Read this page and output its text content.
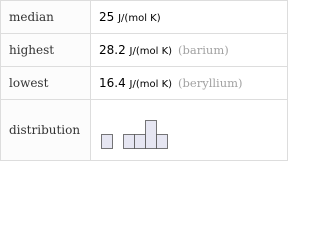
median	25 J/(mol K)
highest	28.2 J/(mol K) (barium)
lowest	16.4 J/(mol K) (beryllium)
distribution	
